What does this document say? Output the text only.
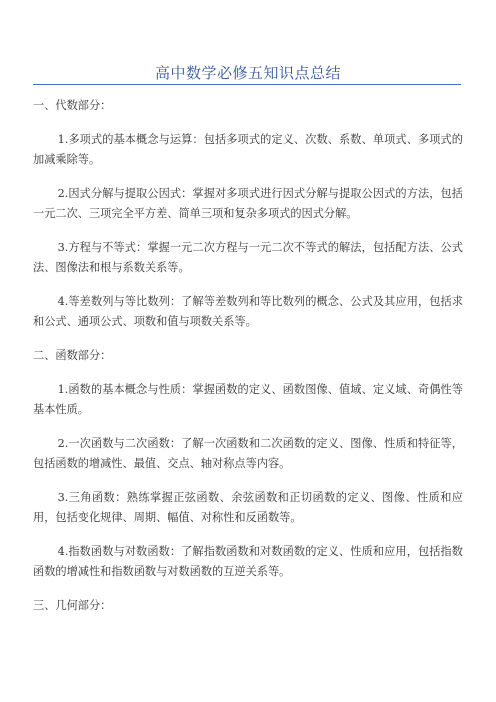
高中数学必修五知识点总结

一、代数部分：

1.多项式的基本概念与运算：包括多项式的定义、次数、系数、单项式、多项式的加减乘除等。

2.因式分解与提取公因式：掌握对多项式进行因式分解与提取公因式的方法，包括一元二次、三项完全平方差、简单三项和复杂多项式的因式分解。

3.方程与不等式：掌握一元二次方程与一元二次不等式的解法，包括配方法、公式法、图像法和根与系数关系等。

4.等差数列与等比数列：了解等差数列和等比数列的概念、公式及其应用，包括求和公式、通项公式、项数和值与项数关系等。

二、函数部分：

1.函数的基本概念与性质：掌握函数的定义、函数图像、值域、定义域、奇偶性等基本性质。

2.一次函数与二次函数：了解一次函数和二次函数的定义、图像、性质和特征等，包括函数的增减性、最值、交点、轴对称点等内容。

3.三角函数：熟练掌握正弦函数、余弦函数和正切函数的定义、图像、性质和应用，包括变化规律、周期、幅值、对称性和反函数等。

4.指数函数与对数函数：了解指数函数和对数函数的定义、性质和应用，包括指数函数的增减性和指数函数与对数函数的互逆关系等。

三、几何部分：
